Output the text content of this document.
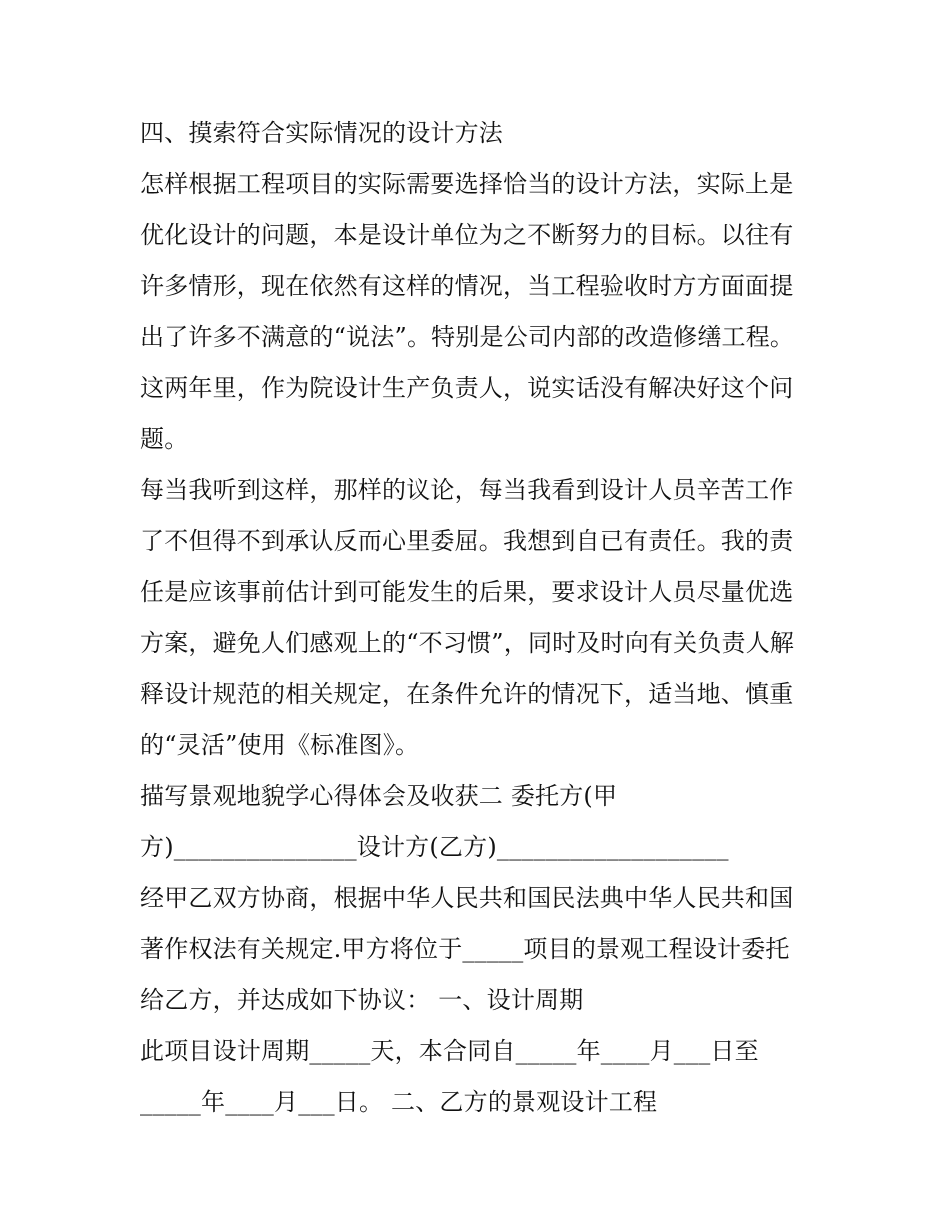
四、摸索符合实际情况的设计方法
怎样根据工程项目的实际需要选择恰当的设计方法，实际上是
优化设计的问题，本是设计单位为之不断努力的目标。以往有
许多情形，现在依然有这样的情况，当工程验收时方方面面提
出了许多不满意的“说法”。特别是公司内部的改造修缮工程。
这两年里，作为院设计生产负责人，说实话没有解决好这个问
题。
每当我听到这样，那样的议论，每当我看到设计人员辛苦工作
了不但得不到承认反而心里委屈。我想到自已有责任。我的责
任是应该事前估计到可能发生的后果，要求设计人员尽量优选
方案，避免人们感观上的“不习惯”，同时及时向有关负责人解
释设计规范的相关规定，在条件允许的情况下，适当地、慎重
的“灵活”使用《标准图》。
描写景观地貌学心得体会及收获二 委托方(甲
方)_______________设计方(乙方)___________________
经甲乙双方协商，根据中华人民共和国民法典中华人民共和国
著作权法有关规定.甲方将位于_____项目的景观工程设计委托
给乙方，并达成如下协议： 一、设计周期
此项目设计周期_____天，本合同自_____年____月___日至
_____年____月___日。 二、乙方的景观设计工程
